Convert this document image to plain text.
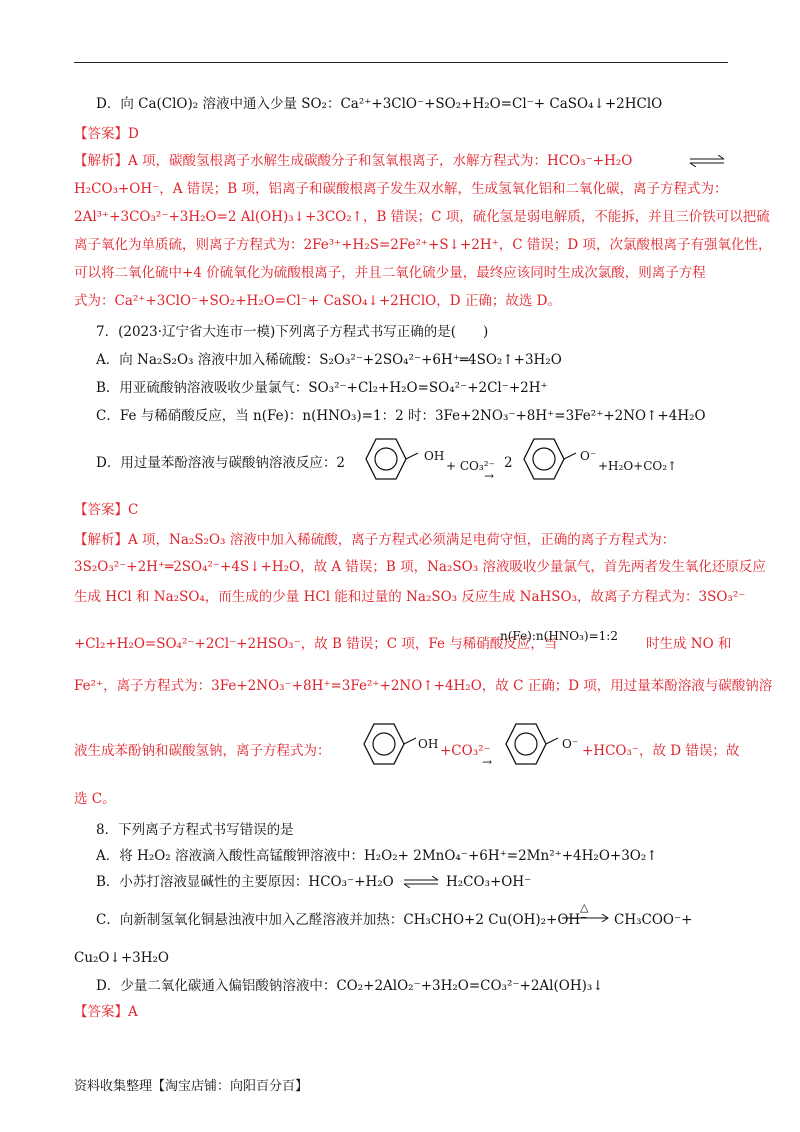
D．向 Ca(ClO)₂ 溶液中通入少量 SO₂：Ca²⁺+3ClO⁻+SO₂+H₂O=Cl⁻+ CaSO₄↓+2HClO
【答案】D
【解析】A 项，碳酸氢根离子水解生成碳酸分子和氢氧根离子，水解方程式为：HCO₃⁻+H₂O
H₂CO₃+OH⁻，A 错误；B 项，铝离子和碳酸根离子发生双水解，生成氢氧化铝和二氧化碳，离子方程式为：
2Al³⁺+3CO₃²⁻+3H₂O=2 Al(OH)₃↓+3CO₂↑，B 错误；C 项，硫化氢是弱电解质，不能拆，并且三价铁可以把硫
离子氧化为单质硫，则离子方程式为：2Fe³⁺+H₂S=2Fe²⁺+S↓+2H⁺，C 错误；D 项，次氯酸根离子有强氧化性，
可以将二氧化硫中+4 价硫氧化为硫酸根离子，并且二氧化硫少量，最终应该同时生成次氯酸，则离子方程
式为：Ca²⁺+3ClO⁻+SO₂+H₂O=Cl⁻+ CaSO₄↓+2HClO，D 正确；故选 D。
7．(2023·辽宁省大连市一模)下列离子方程式书写正确的是(　　)
A．向 Na₂S₂O₃ 溶液中加入稀硫酸：S₂O₃²⁻+2SO₄²⁻+6H⁺═4SO₂↑+3H₂O
B．用亚硫酸钠溶液吸收少量氯气：SO₃²⁻+Cl₂+H₂O=SO₄²⁻+2Cl⁻+2H⁺
C．Fe 与稀硝酸反应，当 n(Fe)：n(HNO₃)=1：2 时：3Fe+2NO₃⁻+8H⁺=3Fe²⁺+2NO↑+4H₂O
D．用过量苯酚溶液与碳酸钠溶液反应：2	OH
+ CO₃²⁻
→
2	O⁻
+H₂O+CO₂↑
【答案】C
【解析】A 项，Na₂S₂O₃ 溶液中加入稀硫酸，离子方程式必须满足电荷守恒，正确的离子方程式为：
3S₂O₃²⁻+2H⁺═2SO₄²⁻+4S↓+H₂O，故 A 错误；B 项，Na₂SO₃ 溶液吸收少量氯气，首先两者发生氧化还原反应
生成 HCl 和 Na₂SO₄，而生成的少量 HCl 能和过量的 Na₂SO₃ 反应生成 NaHSO₃，故离子方程式为：3SO₃²⁻
+Cl₂+H₂O=SO₄²⁻+2Cl⁻+2HSO₃⁻，故 B 错误；C 项，Fe 与稀硝酸反应，当
n(Fe):n(HNO₃)=1:2 时生成 NO 和
Fe²⁺，离子方程式为：3Fe+2NO₃⁻+8H⁺=3Fe²⁺+2NO↑+4H₂O，故 C 正确；D 项，用过量苯酚溶液与碳酸钠溶
液生成苯酚钠和碳酸氢钠，离子方程式为：	OH +CO₃²⁻
→
O⁻ +HCO₃⁻，故 D 错误；故
选 C。
8．下列离子方程式书写错误的是
A．将 H₂O₂ 溶液滴入酸性高锰酸钾溶液中：H₂O₂+ 2MnO₄⁻+6H⁺=2Mn²⁺+4H₂O+3O₂↑
B．小苏打溶液显碱性的主要原因：HCO₃⁻+H₂O ⇌ H₂CO₃+OH⁻
C．向新制氢氧化铜悬浊液中加入乙醛溶液并加热：CH₃CHO+2 Cu(OH)₂+OH⁻
△
→ CH₃COO⁻+
Cu₂O↓+3H₂O
D．少量二氧化碳通入偏铝酸钠溶液中：CO₂+2AlO₂⁻+3H₂O=CO₃²⁻+2Al(OH)₃↓
【答案】A
资料收集整理【淘宝店铺：向阳百分百】
